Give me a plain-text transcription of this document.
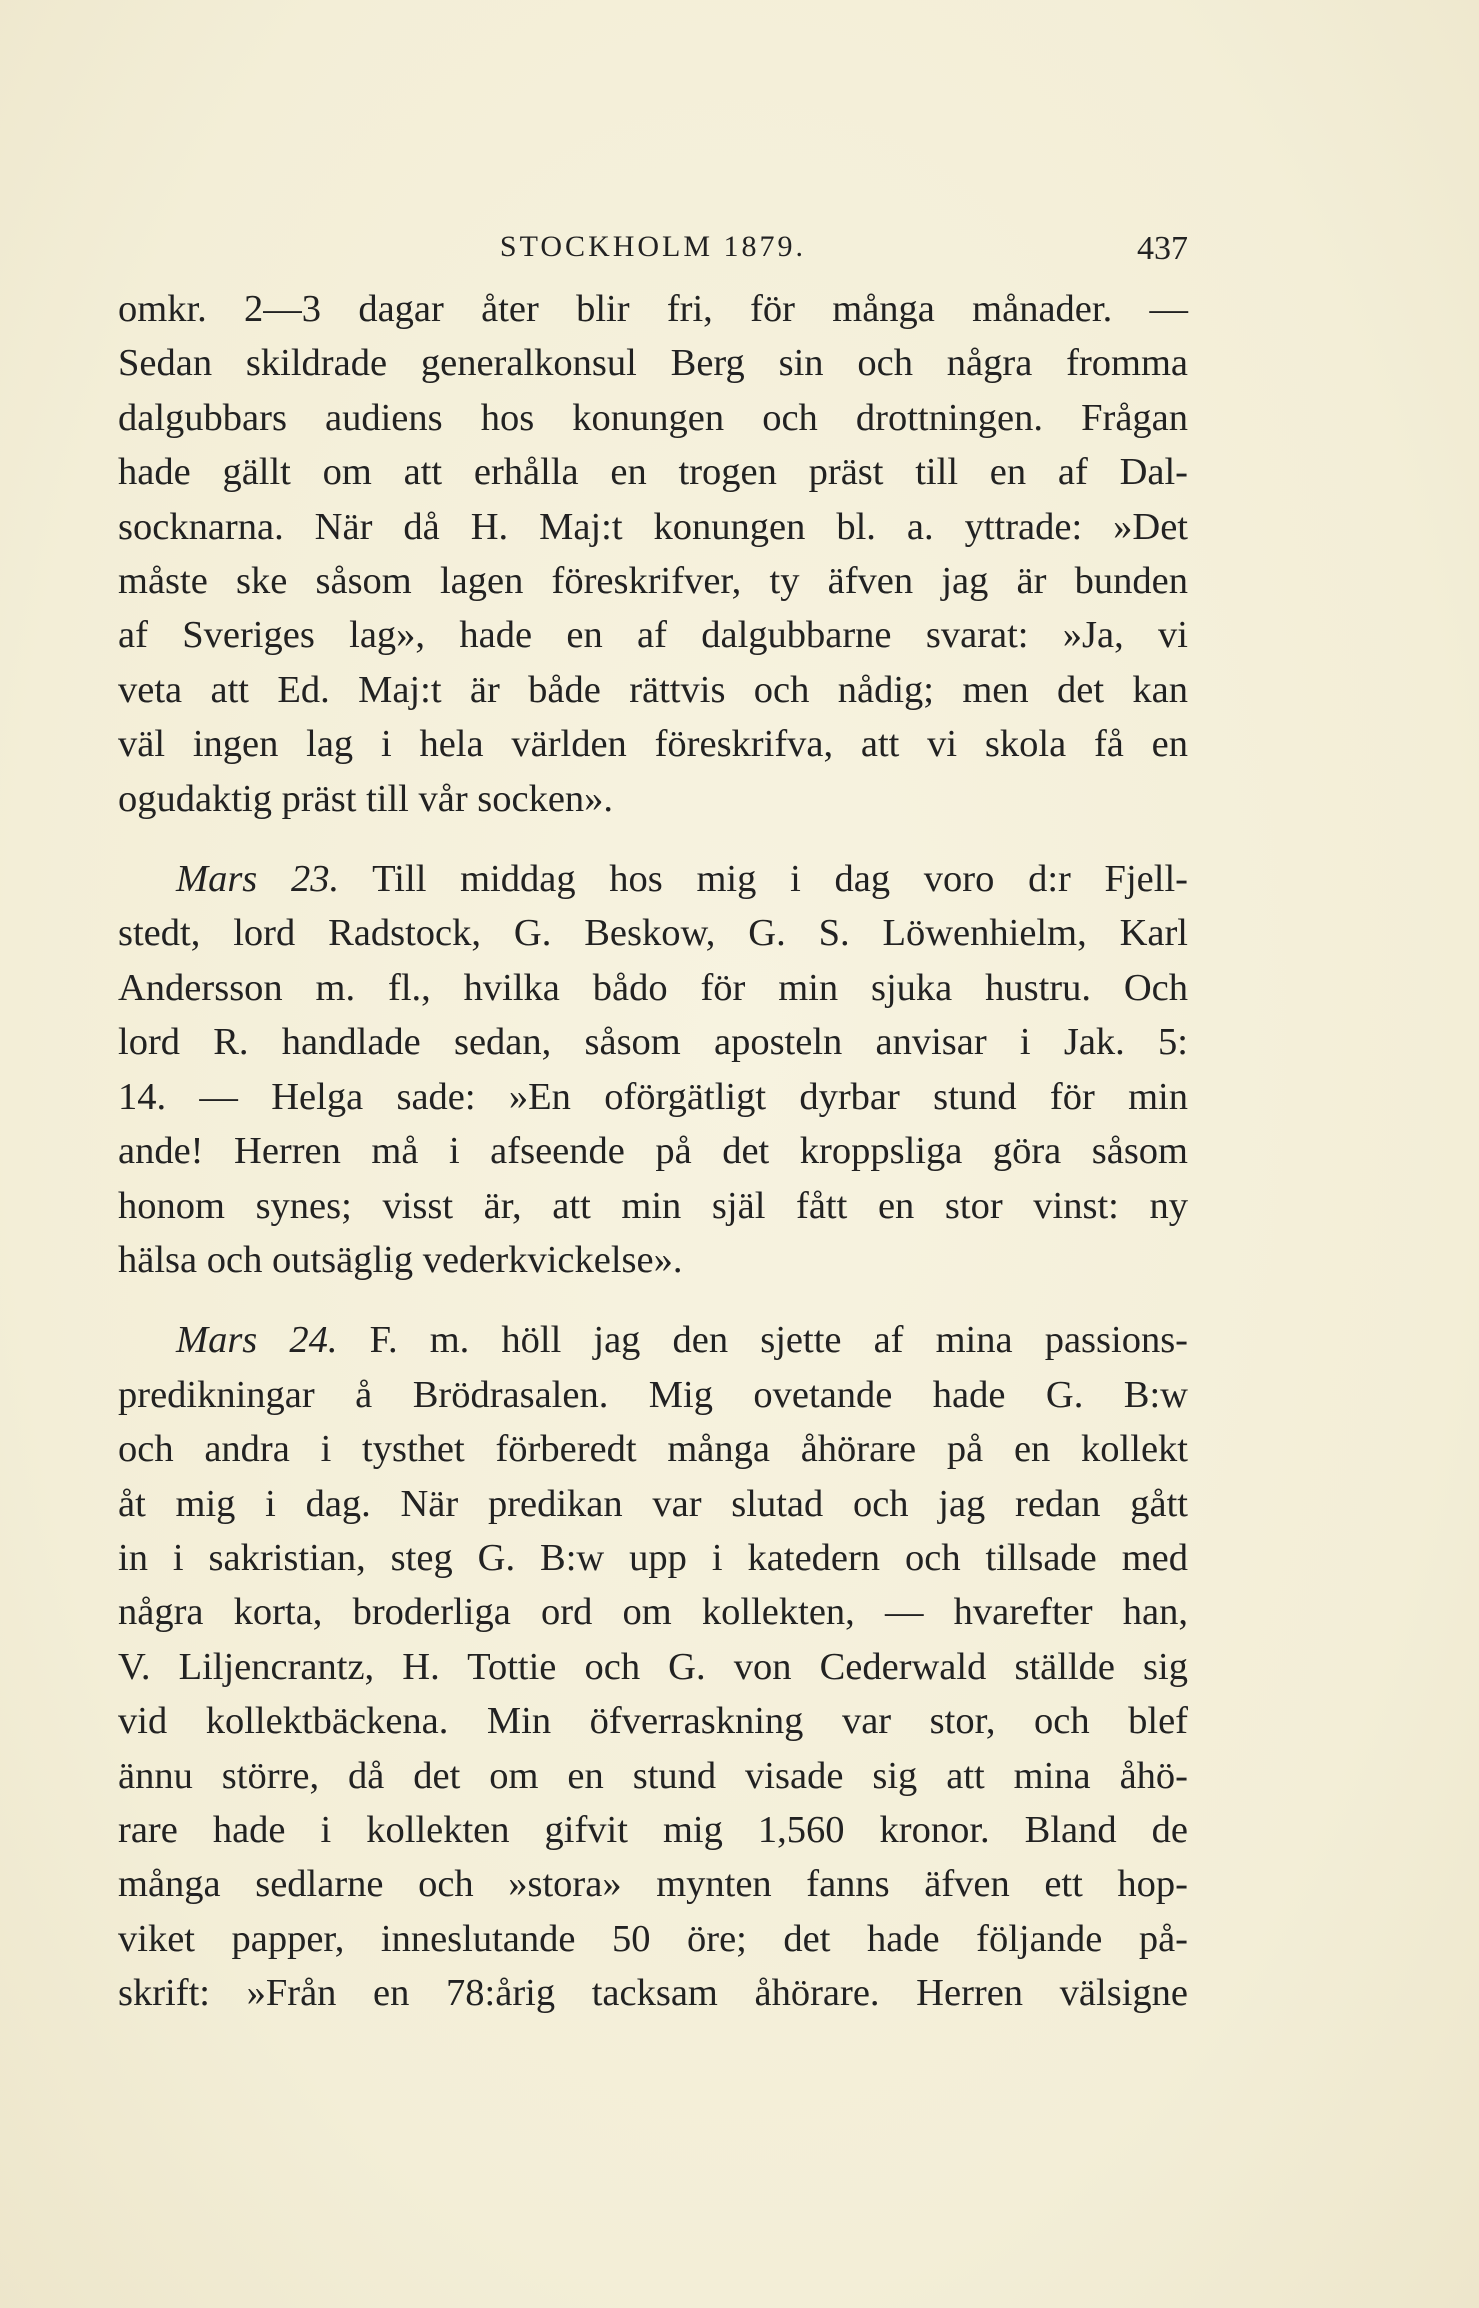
STOCKHOLM 1879.	437
omkr. 2—3 dagar åter blir fri, för många månader. —
Sedan skildrade generalkonsul Berg sin och några fromma
dalgubbars audiens hos konungen och drottningen. Frågan
hade gällt om att erhålla en trogen präst till en af Dal-
socknarna. När då H. Maj:t konungen bl. a. yttrade: »Det
måste ske såsom lagen föreskrifver, ty äfven jag är bunden
af Sveriges lag», hade en af dalgubbarne svarat: »Ja, vi
veta att Ed. Maj:t är både rättvis och nådig; men det kan
väl ingen lag i hela världen föreskrifva, att vi skola få en
ogudaktig präst till vår socken».
Mars 23. Till middag hos mig i dag voro d:r Fjell-
stedt, lord Radstock, G. Beskow, G. S. Löwenhielm, Karl
Andersson m. fl., hvilka bådo för min sjuka hustru. Och
lord R. handlade sedan, såsom aposteln anvisar i Jak. 5:
14. — Helga sade: »En oförgätligt dyrbar stund för min
ande! Herren må i afseende på det kroppsliga göra såsom
honom synes; visst är, att min själ fått en stor vinst: ny
hälsa och outsäglig vederkvickelse».
Mars 24. F. m. höll jag den sjette af mina passions-
predikningar å Brödrasalen. Mig ovetande hade G. B:w
och andra i tysthet förberedt många åhörare på en kollekt
åt mig i dag. När predikan var slutad och jag redan gått
in i sakristian, steg G. B:w upp i katedern och tillsade med
några korta, broderliga ord om kollekten, — hvarefter han,
V. Liljencrantz, H. Tottie och G. von Cederwald ställde sig
vid kollektbäckena. Min öfverraskning var stor, och blef
ännu större, då det om en stund visade sig att mina åhö-
rare hade i kollekten gifvit mig 1,560 kronor. Bland de
många sedlarne och »stora» mynten fanns äfven ett hop-
viket papper, inneslutande 50 öre; det hade följande på-
skrift: »Från en 78:årig tacksam åhörare. Herren välsigne
